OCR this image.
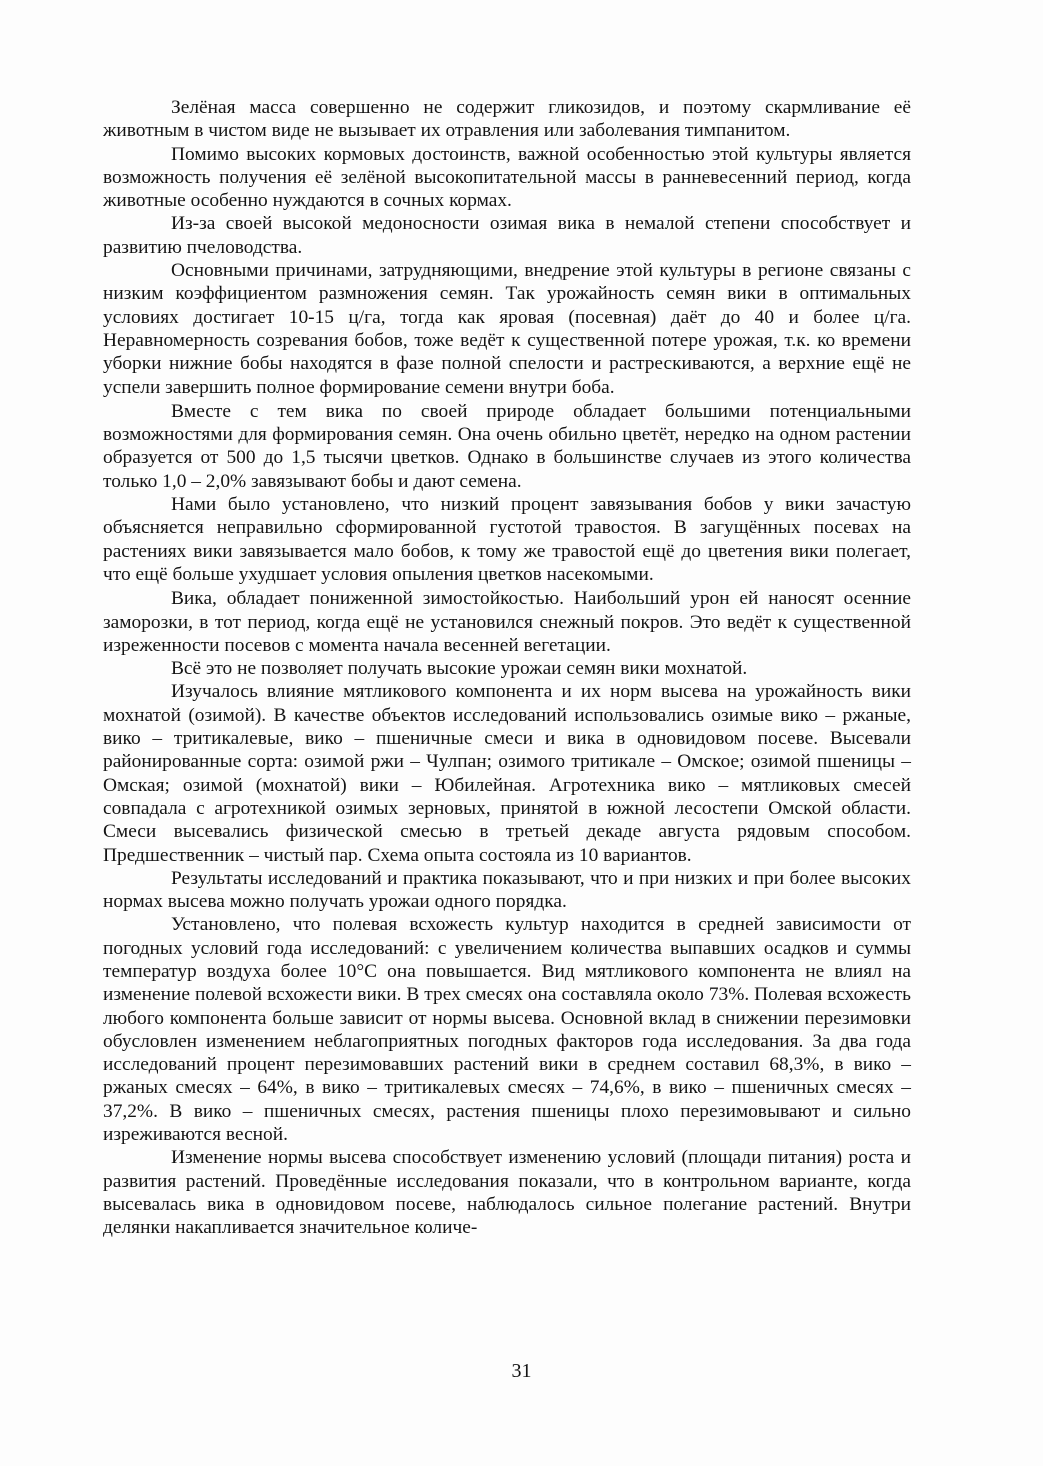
Зелёная масса совершенно не содержит гликозидов, и поэтому скармливание её животным в чистом виде не вызывает их отравления или заболевания тимпанитом.

Помимо высоких кормовых достоинств, важной особенностью этой культуры является возможность получения её зелёной высокопитательной массы в ранневесенний период, когда животные особенно нуждаются в сочных кормах.

Из-за своей высокой медоносности озимая вика в немалой степени способствует и развитию пчеловодства.

Основными причинами, затрудняющими, внедрение этой культуры в регионе связаны с низким коэффициентом размножения семян. Так урожайность семян вики в оптимальных условиях достигает 10-15 ц/га, тогда как яровая (посевная) даёт до 40 и более ц/га. Неравномерность созревания бобов, тоже ведёт к существенной потере урожая, т.к. ко времени уборки нижние бобы находятся в фазе полной спелости и растрескиваются, а верхние ещё не успели завершить полное формирование семени внутри боба.

Вместе с тем вика по своей природе обладает большими потенциальными возможностями для формирования семян. Она очень обильно цветёт, нередко на одном растении образуется от 500 до 1,5 тысячи цветков. Однако в большинстве случаев из этого количества только 1,0 – 2,0% завязывают бобы и дают семена.

Нами было установлено, что низкий процент завязывания бобов у вики зачастую объясняется неправильно сформированной густотой травостоя. В загущённых посевах на растениях вики завязывается мало бобов, к тому же травостой ещё до цветения вики полегает, что ещё больше ухудшает условия опыления цветков насекомыми.

Вика, обладает пониженной зимостойкостью. Наибольший урон ей наносят осенние заморозки, в тот период, когда ещё не установился снежный покров. Это ведёт к существенной изреженности посевов с момента начала весенней вегетации.

Всё это не позволяет получать высокие урожаи семян вики мохнатой.

Изучалось влияние мятликового компонента и их норм высева на урожайность вики мохнатой (озимой). В качестве объектов исследований использовались озимые вико – ржаные, вико – тритикалевые, вико – пшеничные смеси и вика в одновидовом посеве. Высевали районированные сорта: озимой ржи – Чулпан; озимого тритикале – Омское; озимой пшеницы – Омская; озимой (мохнатой) вики – Юбилейная. Агротехника вико – мятликовых смесей совпадала с агротехникой озимых зерновых, принятой в южной лесостепи Омской области. Смеси высевались физической смесью в третьей декаде августа рядовым способом. Предшественник – чистый пар. Схема опыта состояла из 10 вариантов.

Результаты исследований и практика показывают, что и при низких и при более высоких нормах высева можно получать урожаи одного порядка.

Установлено, что полевая всхожесть культур находится в средней зависимости от погодных условий года исследований: с увеличением количества выпавших осадков и суммы температур воздуха более 10°С она повышается. Вид мятликового компонента не влиял на изменение полевой всхожести вики. В трех смесях она составляла около 73%. Полевая всхожесть любого компонента больше зависит от нормы высева. Основной вклад в снижении перезимовки обусловлен изменением неблагоприятных погодных факторов года исследования. За два года исследований процент перезимовавших растений вики в среднем составил 68,3%, в вико – ржаных смесях – 64%, в вико – тритикалевых смесях – 74,6%, в вико – пшеничных смесях – 37,2%. В вико – пшеничных смесях, растения пшеницы плохо перезимовывают и сильно изреживаются весной.

Изменение нормы высева способствует изменению условий (площади питания) роста и развития растений. Проведённые исследования показали, что в контрольном варианте, когда высевалась вика в одновидовом посеве, наблюдалось сильное полегание растений. Внутри делянки накапливается значительное количе-

31
